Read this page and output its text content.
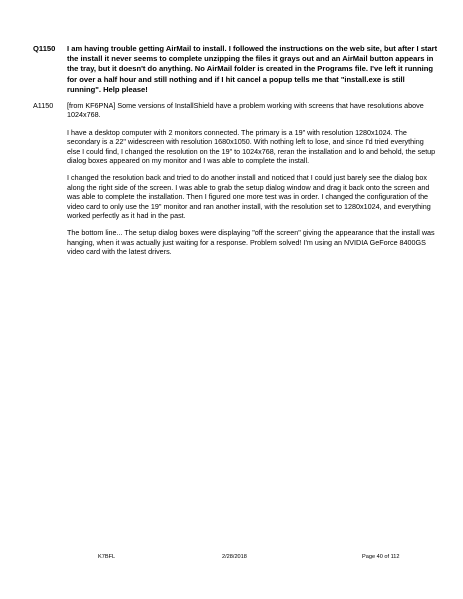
Q1150 I am having trouble getting AirMail to install. I followed the instructions on the web site, but after I start the install it never seems to complete unzipping the files it grays out and an AirMail button appears in the tray, but it doesn't do anything. No AirMail folder is created in the Programs file. I've left it running for over a half hour and still nothing and if I hit cancel a popup tells me that "install.exe is still running". Help please!
A1150 [from KF6PNA] Some versions of InstallShield have a problem working with screens that have resolutions above 1024x768.

I have a desktop computer with 2 monitors connected. The primary is a 19" with resolution 1280x1024. The secondary is a 22" widescreen with resolution 1680x1050. With nothing left to lose, and since I'd tried everything else I could find, I changed the resolution on the 19" to 1024x768, reran the installation and lo and behold, the setup dialog boxes appeared on my monitor and I was able to complete the install.

I changed the resolution back and tried to do another install and noticed that I could just barely see the dialog box along the right side of the screen. I was able to grab the setup dialog window and drag it back onto the screen and was able to complete the installation. Then I figured one more test was in order. I changed the configuration of the video card to only use the 19" monitor and ran another install, with the resolution set to 1280x1024, and everything worked perfectly as it had in the past.

The bottom line... The setup dialog boxes were displaying "off the screen" giving the appearance that the install was hanging, when it was actually just waiting for a response. Problem solved! I'm using an NVIDIA GeForce 8400GS video card with the latest drivers.

K7BFL	2/28/2018	Page 40 of 112
